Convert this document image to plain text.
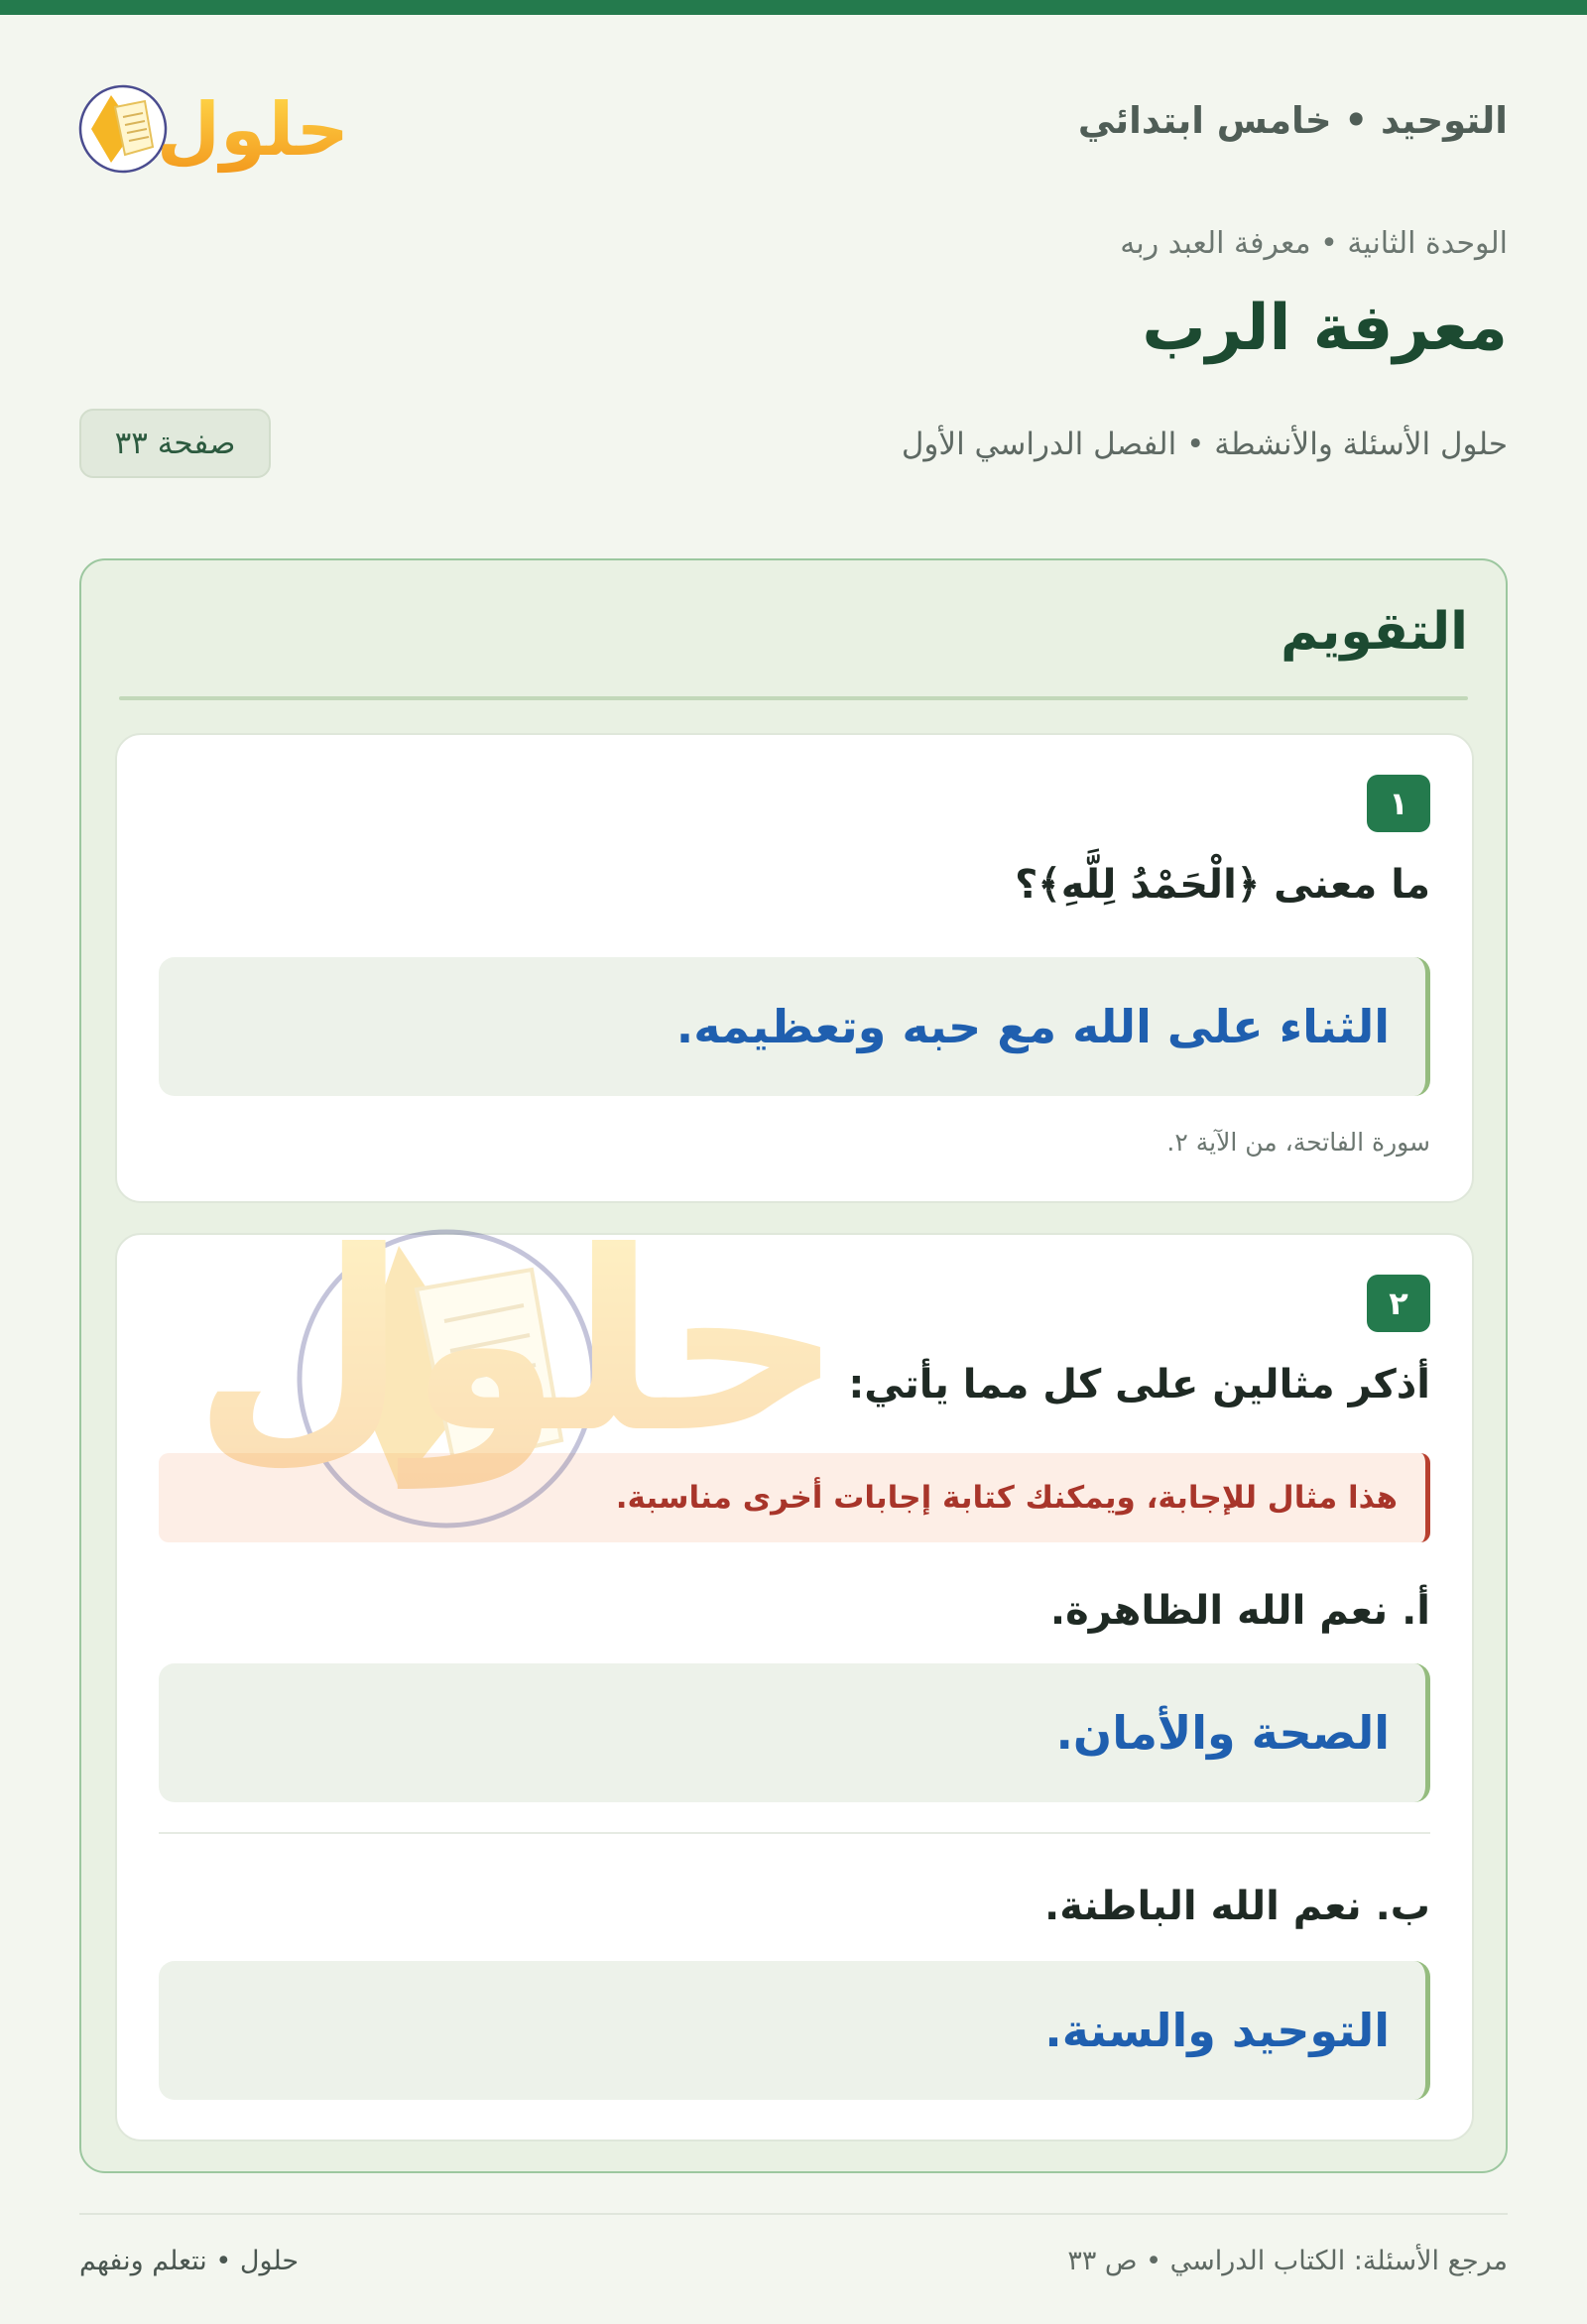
حلول	التوحيد • خامس ابتدائي
الوحدة الثانية • معرفة العبد ربه
معرفة الرب
حلول الأسئلة والأنشطة • الفصل الدراسي الأول
صفحة ٣٣
التقويم
١
ما معنى ﴿الْحَمْدُ لِلَّهِ﴾؟
الثناء على الله مع حبه وتعظيمه.
سورة الفاتحة، من الآية ٢.
٢
أذكر مثالين على كل مما يأتي:
هذا مثال للإجابة، ويمكنك كتابة إجابات أخرى مناسبة.
أ. نعم الله الظاهرة.
الصحة والأمان.
ب. نعم الله الباطنة.
التوحيد والسنة.
حلول
مرجع الأسئلة: الكتاب الدراسي • ص ٣٣
حلول • نتعلم ونفهم
